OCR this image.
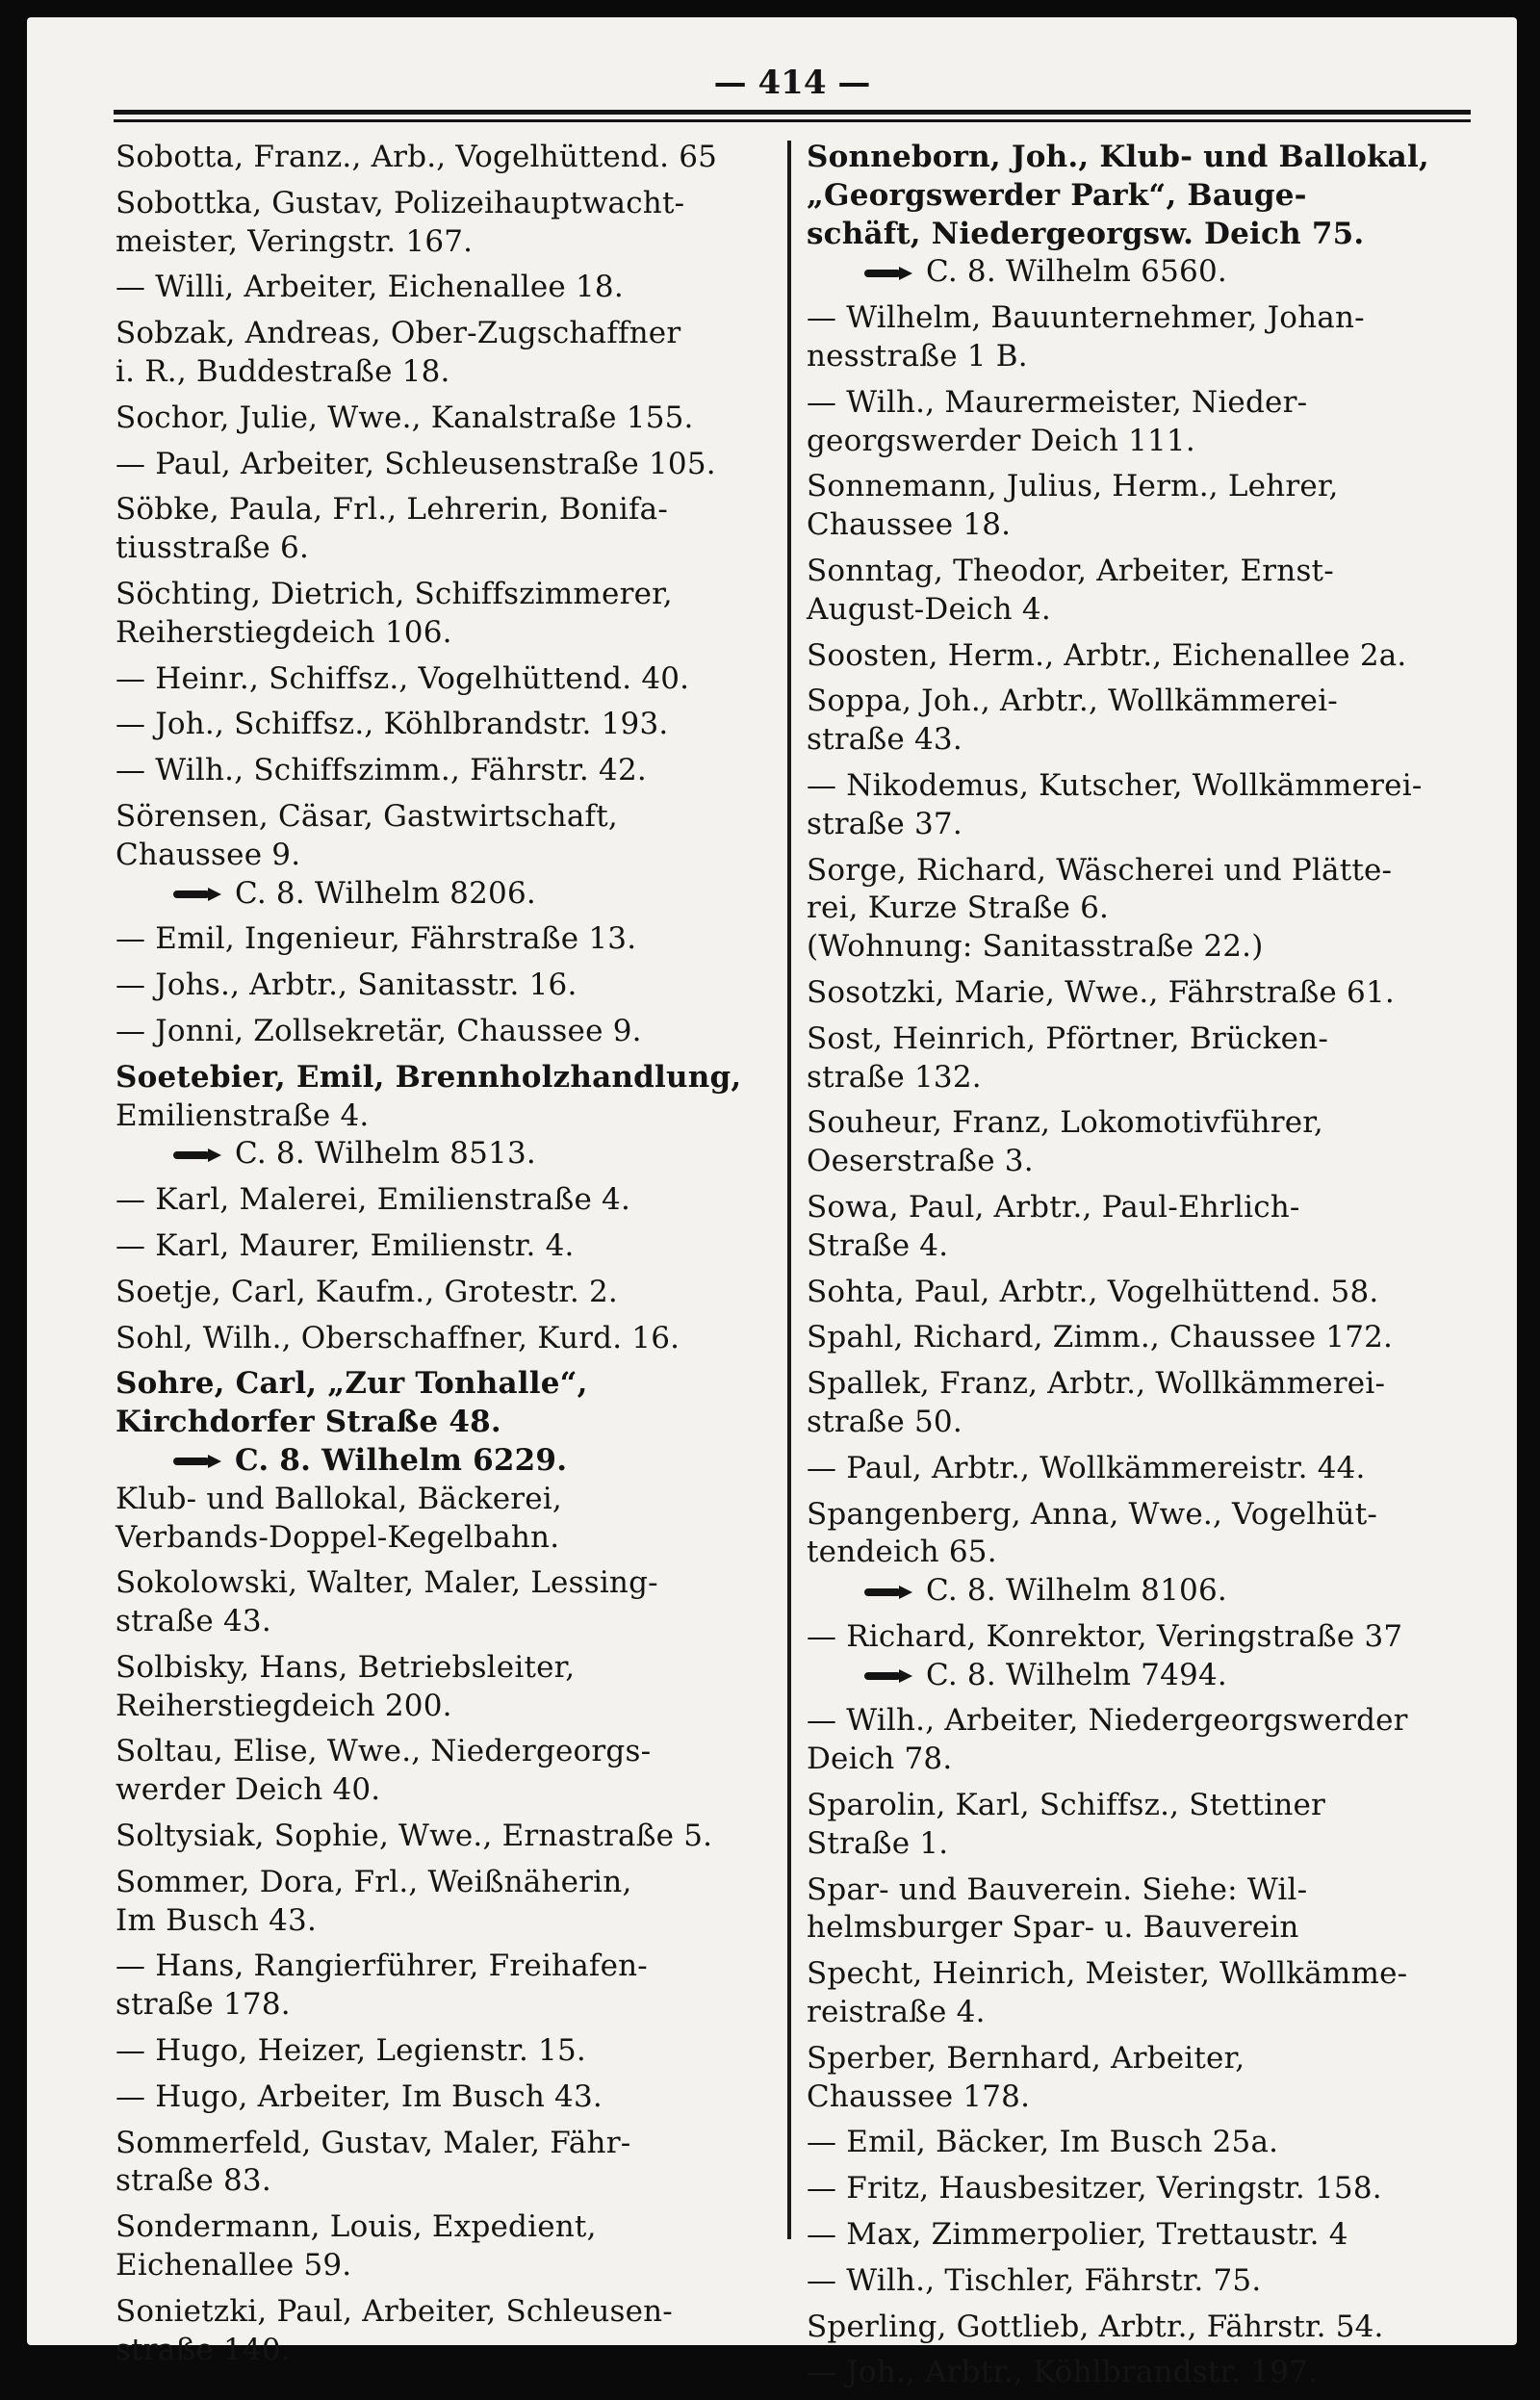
— 414 —
Sobotta, Franz., Arb., Vogelhüttend. 65
Sobottka, Gustav, Polizeihauptwacht-
meister, Veringstr. 167.
— Willi, Arbeiter, Eichenallee 18.
Sobzak, Andreas, Ober-Zugschaffner
i. R., Buddestraße 18.
Sochor, Julie, Wwe., Kanalstraße 155.
— Paul, Arbeiter, Schleusenstraße 105.
Söbke, Paula, Frl., Lehrerin, Bonifa-
tiusstraße 6.
Söchting, Dietrich, Schiffszimmerer,
Reiherstiegdeich 106.
— Heinr., Schiffsz., Vogelhüttend. 40.
— Joh., Schiffsz., Köhlbrandstr. 193.
— Wilh., Schiffszimm., Fährstr. 42.
Sörensen, Cäsar, Gastwirtschaft,
Chaussee 9.
C. 8. Wilhelm 8206.
— Emil, Ingenieur, Fährstraße 13.
— Johs., Arbtr., Sanitasstr. 16.
— Jonni, Zollsekretär, Chaussee 9.
Soetebier, Emil, Brennholzhandlung,
Emilienstraße 4.
C. 8. Wilhelm 8513.
— Karl, Malerei, Emilienstraße 4.
— Karl, Maurer, Emilienstr. 4.
Soetje, Carl, Kaufm., Grotestr. 2.
Sohl, Wilh., Oberschaffner, Kurd. 16.
Sohre, Carl, „Zur Tonhalle“,
Kirchdorfer Straße 48.
C. 8. Wilhelm 6229.
Klub- und Ballokal, Bäckerei,
Verbands-Doppel-Kegelbahn.
Sokolowski, Walter, Maler, Lessing-
straße 43.
Solbisky, Hans, Betriebsleiter,
Reiherstiegdeich 200.
Soltau, Elise, Wwe., Niedergeorgs-
werder Deich 40.
Soltysiak, Sophie, Wwe., Ernastraße 5.
Sommer, Dora, Frl., Weißnäherin,
Im Busch 43.
— Hans, Rangierführer, Freihafen-
straße 178.
— Hugo, Heizer, Legienstr. 15.
— Hugo, Arbeiter, Im Busch 43.
Sommerfeld, Gustav, Maler, Fähr-
straße 83.
Sondermann, Louis, Expedient,
Eichenallee 59.
Sonietzki, Paul, Arbeiter, Schleusen-
straße 140.
Sonneborn, Joh., Klub- und Ballokal,
„Georgswerder Park“, Bauge-
schäft, Niedergeorgsw. Deich 75.
C. 8. Wilhelm 6560.
— Wilhelm, Bauunternehmer, Johan-
nesstraße 1 B.
— Wilh., Maurermeister, Nieder-
georgswerder Deich 111.
Sonnemann, Julius, Herm., Lehrer,
Chaussee 18.
Sonntag, Theodor, Arbeiter, Ernst-
August-Deich 4.
Soosten, Herm., Arbtr., Eichenallee 2a.
Soppa, Joh., Arbtr., Wollkämmerei-
straße 43.
— Nikodemus, Kutscher, Wollkämmerei-
straße 37.
Sorge, Richard, Wäscherei und Plätte-
rei, Kurze Straße 6.
(Wohnung: Sanitasstraße 22.)
Sosotzki, Marie, Wwe., Fährstraße 61.
Sost, Heinrich, Pförtner, Brücken-
straße 132.
Souheur, Franz, Lokomotivführer,
Oeserstraße 3.
Sowa, Paul, Arbtr., Paul-Ehrlich-
Straße 4.
Sohta, Paul, Arbtr., Vogelhüttend. 58.
Spahl, Richard, Zimm., Chaussee 172.
Spallek, Franz, Arbtr., Wollkämmerei-
straße 50.
— Paul, Arbtr., Wollkämmereistr. 44.
Spangenberg, Anna, Wwe., Vogelhüt-
tendeich 65.
C. 8. Wilhelm 8106.
— Richard, Konrektor, Veringstraße 37
C. 8. Wilhelm 7494.
— Wilh., Arbeiter, Niedergeorgswerder
Deich 78.
Sparolin, Karl, Schiffsz., Stettiner
Straße 1.
Spar- und Bauverein. Siehe: Wil-
helmsburger Spar- u. Bauverein
Specht, Heinrich, Meister, Wollkämme-
reistraße 4.
Sperber, Bernhard, Arbeiter,
Chaussee 178.
— Emil, Bäcker, Im Busch 25a.
— Fritz, Hausbesitzer, Veringstr. 158.
— Max, Zimmerpolier, Trettaustr. 4
— Wilh., Tischler, Fährstr. 75.
Sperling, Gottlieb, Arbtr., Fährstr. 54.
— Joh., Arbtr., Köhlbrandstr. 197.
